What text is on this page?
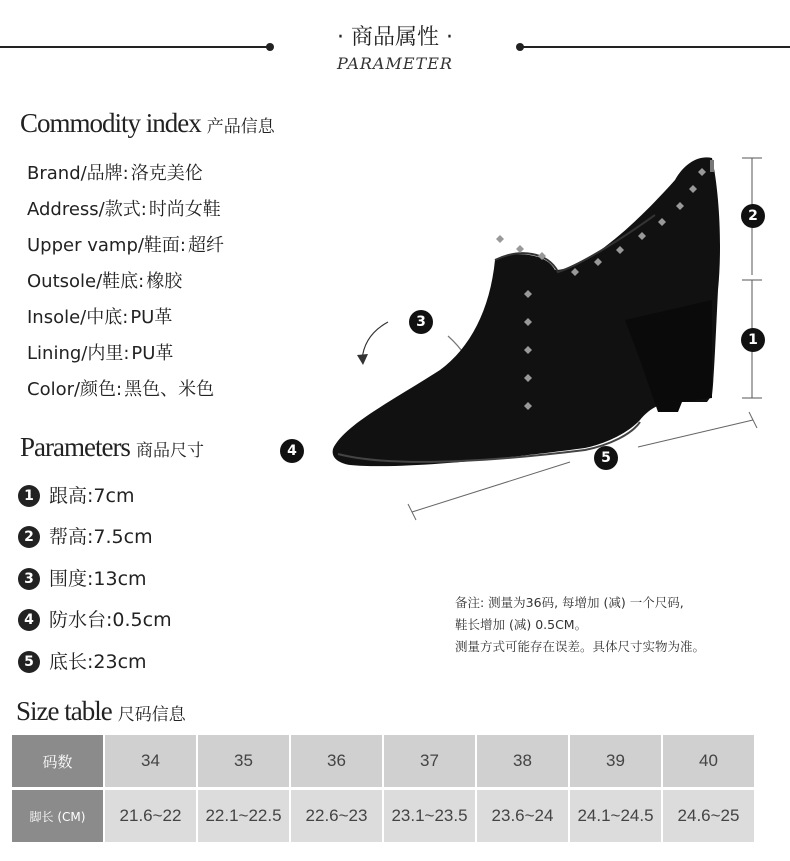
· 商品属性 ·
PARAMETER
Commodity index 产品信息
Brand/品牌: 洛克美伦
Address/款式: 时尚女鞋
Upper vamp/鞋面: 超纤
Outsole/鞋底: 橡胶
Insole/中底: PU革
Lining/内里: PU革
Color/颜色: 黑色、米色
Parameters 商品尺寸
1 跟高: 7cm
2 帮高: 7.5cm
3 围度: 13cm
4 防水台: 0.5cm
5 底长: 23cm
1
2
3
4	5
备注: 测量为36码, 每增加 (减) 一个尺码,
鞋长增加 (减) 0.5CM。
测量方式可能存在误差。具体尺寸实物为准。
Size table 尺码信息
码数	34	35	36	37	38	39	40

脚长 (CM)	21.6~22	22.1~22.5	22.6~23	23.1~23.5	23.6~24	24.1~24.5	24.6~25
